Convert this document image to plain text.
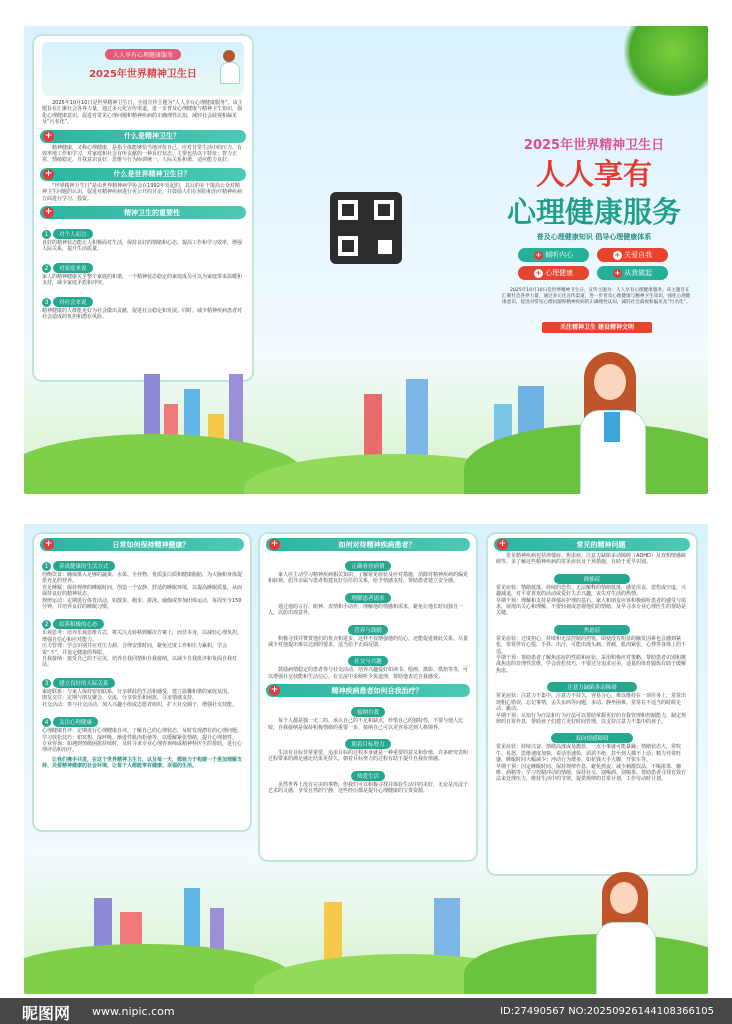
人人享有心理健康服务
2025年世界精神卫生日
2025年10月10日是世界精神卫生日，全国宣传主题为“人人享有心理健康服务”。该主题旨在汇聚社会各界力量，通过多元化宣传渠道，进一步普及心理健康与精神卫生知识，强化心理健康意识，促进对常见心理问题和精神疾病的正确理性认知，减轻社会歧视和偏见及“污名化”。
+	什么是精神卫生？
精神健康，又称心理健康，是指个体能够恰当地评价自己、应对日常生活中的压力、有效率地工作和学习，对家庭和社会有所贡献的一种良好状态。主要包括以下特征：智力正常、情绪稳定、自我意识良好、思维与行为协调统一、人际关系和谐、适应能力良好。
+	什么是世界精神卫生日？
“世界精神卫生日”是由世界精神病学协会在1992年发起的，其目的在于提高公众对精神卫生问题的认识，促进对精神疾病进行更公开的讨论，并鼓励人们在预防和治疗精神疾病方面进行学习、投资。
+	精神卫生的重要性
1 对个人而言
良好的精神状态能让人积极面对生活，保持良好的情绪和心态，提高工作和学习效率，增强人际关系，提升生活质量。
2 对家庭来说
家人的精神健康关乎整个家庭的和谐。一个精神状态稳定的家庭成员可以为家庭带来温暖和支持，减少家庭矛盾和冲突。
3 对社会来说
精神健康的人群能更好为社会做出贡献，促进社会稳定和发展。同时，减少精神疾病患者对社会造成的负担和潜在风险。
2025年世界精神卫生日
人人享有
心理健康服务
普及心理健康知识 倡导心理健康体系
+ 倾听内心	+ 关爱自我
+ 心理健康	+ 从我做起
2025年10月10日是世界精神卫生日，宣传主题为：人人享有心理健康服务。该主题旨在汇聚社会各界力量，通过多元化宣传渠道，进一步普及心理健康与精神卫生知识，强化心理健康意识，促进对常见心理问题和精神疾病的正确理性认知，减轻社会歧视和偏见及“污名化”。
关注精神卫生 建设精神文明
+	日常如何保持精神健康？
1 养成健康的生活方式
均衡饮食：确保摄入足够的蔬果、水果、全谷物、优质蛋白质和健康脂肪，为大脑和身体提供充足的营养。
充足睡眠：保持规律的睡眠时间，创造一个安静、舒适的睡眠环境，以提高睡眠质量，从而保持良好的精神状态。
规律运动：定期进行体育活动，如散步、跑步、游泳、瑜伽或参加团体运动，每周至少150分钟，并培养良好的睡眠习惯。
2 培养积极的心态
乐观思考：培养乐观思维方式，将关注点转移到解决方案上，而非本身，以减轻心理负担，增强自信心和应对能力。
压力管理：学会识别并应对压力源，合理安排时间，避免过度工作和压力累积，学会说“不”，并设定健康的界限。
自我接纳：接受自己的不完美，培养自我同情和自我接纳，以减少自我批评和负面自我对话。
3 建立良好的人际关系
家庭联系：与家人保持密切联系，分享彼此的生活和感受，建立温馨和谐的家庭氛围。
朋友交往：定期与朋友聚会、交流，分享快乐和困扰，寻求情感支持。
社交活动：参与社交活动，加入兴趣小组或志愿者组织，扩大社交圈子，增强社交技能。
4 关注心理健康
心理健康自评：定期进行心理健康自评，了解自己的心理状态，及时发现潜在的心理问题。
学习放松技巧：如冥想、深呼吸、渐进性肌肉松弛等，以缓解紧张情绪，提升心理韧性。
专业咨询：如遇到情绪困扰持续时，及时寻求专业心理咨询师或精神科医生的帮助，进行心理评估和治疗。
让我们携手共进，在这个世界精神卫生日，以及每一天，都致力于构建一个更加理解支持、关爱精神健康的社会环境，让每个人都能享有健康、幸福的生活。
+	如何对待精神疾病患者？
正确看待病情
家人应主动学习精神疾病相关知识，了解常见症状及应对措施，消除对精神疾病的偏见和歧视。倡导亲属与患者构建良好信任的关系，给予情感支持，帮助患者建立安全感。
理解患者需求
通过他的言行、眼神、表情和小动作，理解他的情感和需求，避免让他长时间独自一人，以防出现意外。
营养与鼓励
积极寻找并赞赏他们的优点和进步，这样不仅增强他的信心，还能促进彼此关系。尽量减少对他提出难以达到的要求，适当给予正面反馈。
社交与兴趣
鼓励病情稳定的患者参与社交活动，培养兴趣爱好如读书、绘画、摄影、烘焙等等，可以增强社交技能和生活信心。在交流中多倾听少说道理，帮助他表达自我感受。
+	精神疾病患者如何自我治疗？
接纳自我
每个人都是独一无二的，承认自己的不足和缺点，珍惜自己的独特性，不要与他人比较，自我接纳是保持积极情绪的重要一步，接纳自己可以更容易达到人格境界。
朝着目标努力
生活有目标非常重要，追求目标的过程本身就是一种重要的意义和价值，许多研究表明过程带来的满足感比结果更持久，朝着目标努力的过程有助于提升自我价值感。
热爱生活
虽然世界上没有完美的事物，但我们可以积极寻找并体验生活中的美好，无论是沉浸于艺术的灵感，享受自然的宁静，这些经历都是提升心理健康的宝贵资源。
+	常见的精神问题
常见精神疾病包括抑郁症、焦虑症、注意力缺陷多动障碍（ADHD）及双相情感障碍等。多了解这些精神疾病的常见症状及干预措施，有助于更早识别。
抑郁症
常见症状：情绪低落，持续的悲伤、无法解释的情绪低落，感觉沮丧、悲伤或空虚，兴趣减退，对平常喜欢的活动或爱好失去兴趣，丧失对生活的热情。
早期干预：理解和支持是抑郁症护理的基石。家人和朋友应该积极倾听患者的感受与需求，展现出关心和理解，不要轻视或忽视他们的情绪，及早寻求专业心理医生的帮助是关键。
焦虑症
常见症状：过度担心，持续和无法控制的担忧，即使没有明显的触发因素也会感到紧张，常常伴有心慌、手抖、出汗，可能出现头痛、胃痛，肌肉紧张，心悸等身体上的不适。
早期干预：帮助患者了解焦虑症的性质和症状，采用积极应对策略，帮助患者识别和挑战焦虑的非理性思维，学会放松技巧，不要过分追求完美，适量的体育锻炼有助于缓解焦虑。
注意力缺陷多动障碍
常见症状：注意力不集中，注意力不持久，容易分心，难以维持在一项任务上，常常出现粗心错误、忘记事情，丢失东西等问题，多动、静坐困难，常常在不适当的时候走动、跳动。
早期干预：认知行为疗法和行为疗法可以帮助掌握更好的自我管理和控制能力，制定规律的日常作息，帮助孩子们建立更好时间管理，以支持注意力不集中的孩子。
双向情感障碍
常见症状：持续兴奋、情绪高涨或易激惹，一点小事就可能暴躁；情绪状态大，常吹牛、易怒，思维速度加快，说话语速快，滔滔不绝，甚至到人插不上话；精力异常旺盛，睡眠时间大幅减少；冲动行为增多，如花钱大手大脚，开快车等。
早期干预：因定睡眠时间、保持规律作息，避免熬夜；减少刺激饮品，不喝浓茶、咖啡、酒精等；学习控制冲动的情绪，保持社交、别喝酒、别喝茶。帮助患者寻找有效方法来处理压力，维持生活中的节律，提供规律的日常计划，工作劳动时计划。
昵图网 www.nipic.com	ID:27490567 NO:20250926144108366105
